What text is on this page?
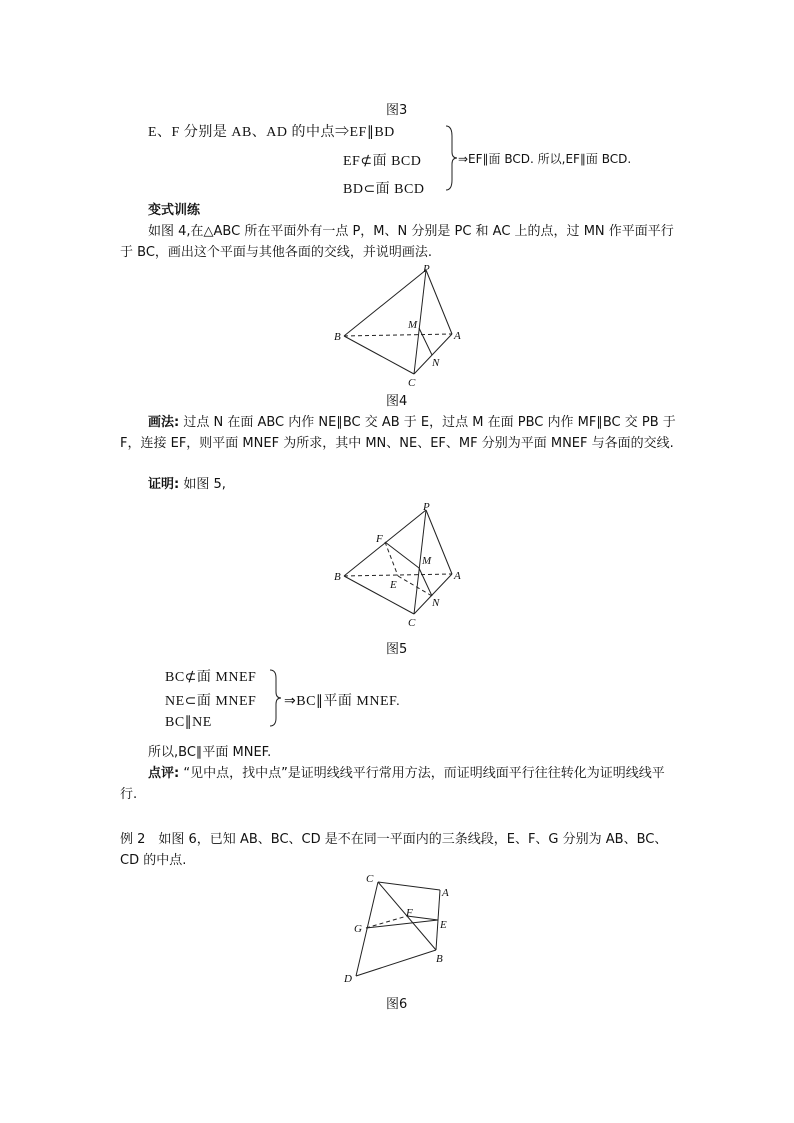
图3
E、F 分别是 AB、AD 的中点⇒EF∥BD
EF⊄面 BCD
BD⊂面 BCD
⇒EF∥面 BCD. 所以,EF∥面 BCD.
变式训练
如图 4,在△ABC 所在平面外有一点 P，M、N 分别是 PC 和 AC 上的点，过 MN 作平面平行于 BC，画出这个平面与其他各面的交线，并说明画法.
P
B
M
A
N
C
图4
画法: 过点 N 在面 ABC 内作 NE∥BC 交 AB 于 E，过点 M 在面 PBC 内作 MF∥BC 交 PB 于 F，连接 EF，则平面 MNEF 为所求，其中 MN、NE、EF、MF 分别为平面 MNEF 与各面的交线.
证明: 如图 5,
P
F
M
B
E
A
N
C
图5
BC⊄面 MNEF
NE⊂面 MNEF
BC∥NE
⇒BC∥平面 MNEF.
所以,BC∥平面 MNEF.
点评: “见中点，找中点”是证明线线平行常用方法，而证明线面平行往往转化为证明线线平行.
例 2　如图 6，已知 AB、BC、CD 是不在同一平面内的三条线段，E、F、G 分别为 AB、BC、CD 的中点.
C
A
F
G	E
B
D
图6
